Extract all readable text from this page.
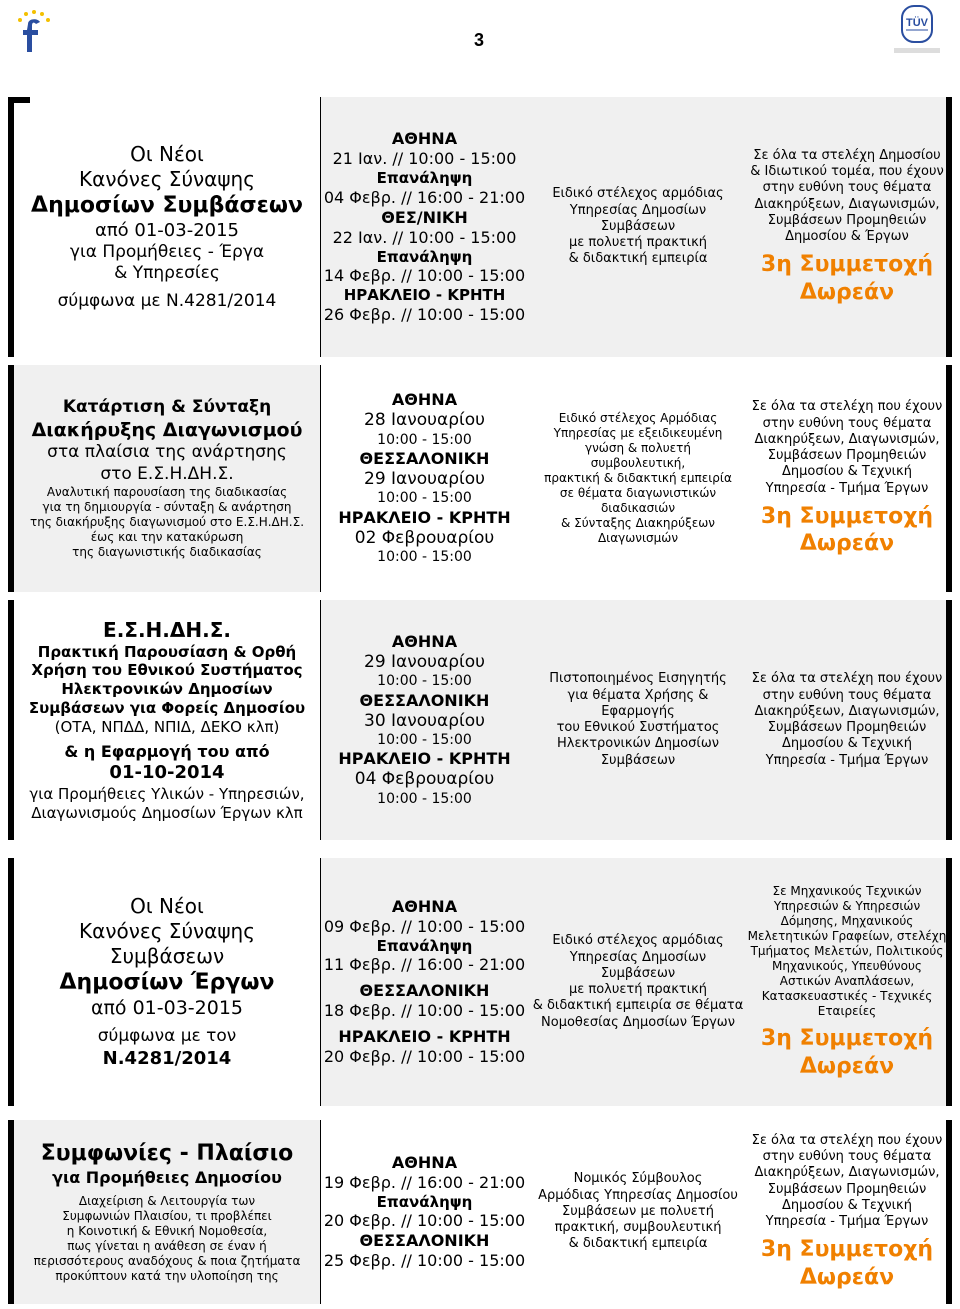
3
TÜV
Οι Νέοι
Κανόνες Σύναψης
Δημοσίων Συμβάσεων
από 01-03-2015
για Προμήθειες - Έργα
& Υπηρεσίες
σύμφωνα με Ν.4281/2014
ΑΘΗΝΑ
21 Ιαν. // 10:00 - 15:00
Επανάληψη
04 Φεβρ. // 16:00 - 21:00
ΘΕΣ/ΝΙΚΗ
22 Ιαν. // 10:00 - 15:00
Επανάληψη
14 Φεβρ. // 10:00 - 15:00
ΗΡΑΚΛΕΙΟ - ΚΡΗΤΗ
26 Φεβρ. // 10:00 - 15:00
Ειδικό στέλεχος αρμόδιας
Υπηρεσίας Δημοσίων
Συμβάσεων
με πολυετή πρακτική
& διδακτική εμπειρία
Σε όλα τα στελέχη Δημοσίου
& Ιδιωτικού τομέα, που έχουν
στην ευθύνη τους θέματα
Διακηρύξεων, Διαγωνισμών,
Συμβάσεων Προμηθειών
Δημοσίου & Έργων
3η Συμμετοχή
Δωρεάν
Κατάρτιση & Σύνταξη
Διακήρυξης Διαγωνισμού
στα πλαίσια της ανάρτησης
στο Ε.Σ.Η.ΔΗ.Σ.
Αναλυτική παρουσίαση της διαδικασίας
για τη δημιουργία - σύνταξη & ανάρτηση
της διακήρυξης διαγωνισμού στο Ε.Σ.Η.ΔΗ.Σ.
έως και την κατακύρωση
της διαγωνιστικής διαδικασίας
ΑΘΗΝΑ
28 Ιανουαρίου
10:00 - 15:00
ΘΕΣΣΑΛΟΝΙΚΗ
29 Ιανουαρίου
10:00 - 15:00
ΗΡΑΚΛΕΙΟ - ΚΡΗΤΗ
02 Φεβρουαρίου
10:00 - 15:00
Ειδικό στέλεχος Αρμόδιας
Υπηρεσίας με εξειδικευμένη
γνώση & πολυετή
συμβουλευτική,
πρακτική & διδακτική εμπειρία
σε θέματα διαγωνιστικών
διαδικασιών
& Σύνταξης Διακηρύξεων
Διαγωνισμών
Σε όλα τα στελέχη που έχουν
στην ευθύνη τους θέματα
Διακηρύξεων, Διαγωνισμών,
Συμβάσεων Προμηθειών
Δημοσίου & Τεχνική
Υπηρεσία - Τμήμα Έργων
3η Συμμετοχή
Δωρεάν
Ε.Σ.Η.ΔΗ.Σ.
Πρακτική Παρουσίαση & Ορθή
Χρήση του Εθνικού Συστήματος
Ηλεκτρονικών Δημοσίων
Συμβάσεων για Φορείς Δημοσίου
(ΟΤΑ, ΝΠΔΔ, ΝΠΙΔ, ΔΕΚΟ κλπ)
& η Εφαρμογή του από
01-10-2014
για Προμήθειες Υλικών - Υπηρεσιών,
Διαγωνισμούς Δημοσίων Έργων κλπ
ΑΘΗΝΑ
29 Ιανουαρίου
10:00 - 15:00
ΘΕΣΣΑΛΟΝΙΚΗ
30 Ιανουαρίου
10:00 - 15:00
ΗΡΑΚΛΕΙΟ - ΚΡΗΤΗ
04 Φεβρουαρίου
10:00 - 15:00
Πιστοποιημένος Εισηγητής
για θέματα Χρήσης &
Εφαρμογής
του Εθνικού Συστήματος
Ηλεκτρονικών Δημοσίων
Συμβάσεων
Σε όλα τα στελέχη που έχουν
στην ευθύνη τους θέματα
Διακηρύξεων, Διαγωνισμών,
Συμβάσεων Προμηθειών
Δημοσίου & Τεχνική
Υπηρεσία - Τμήμα Έργων
Οι Νέοι
Κανόνες Σύναψης
Συμβάσεων
Δημοσίων Έργων
από 01-03-2015
σύμφωνα με τον
Ν.4281/2014
ΑΘΗΝΑ
09 Φεβρ. // 10:00 - 15:00
Επανάληψη
11 Φεβρ. // 16:00 - 21:00
ΘΕΣΣΑΛΟΝΙΚΗ
18 Φεβρ. // 10:00 - 15:00
ΗΡΑΚΛΕΙΟ - ΚΡΗΤΗ
20 Φεβρ. // 10:00 - 15:00
Ειδικό στέλεχος αρμόδιας
Υπηρεσίας Δημοσίων
Συμβάσεων
με πολυετή πρακτική
& διδακτική εμπειρία σε θέματα
Νομοθεσίας Δημοσίων Έργων
Σε Μηχανικούς Τεχνικών
Υπηρεσιών & Υπηρεσιών
Δόμησης, Μηχανικούς
Μελετητικών Γραφείων, στελέχη
Τμήματος Μελετών, Πολιτικούς
Μηχανικούς, Υπευθύνους
Αστικών Αναπλάσεων,
Κατασκευαστικές - Τεχνικές
Εταιρείες
3η Συμμετοχή
Δωρεάν
Συμφωνίες - Πλαίσιο
για Προμήθειες Δημοσίου
Διαχείριση & Λειτουργία των
Συμφωνιών Πλαισίου, τι προβλέπει
η Κοινοτική & Εθνική Νομοθεσία,
πως γίνεται η ανάθεση σε έναν ή
περισσότερους αναδόχους & ποια ζητήματα
προκύπτουν κατά την υλοποίηση της
ΑΘΗΝΑ
19 Φεβρ. // 16:00 - 21:00
Επανάληψη
20 Φεβρ. // 10:00 - 15:00
ΘΕΣΣΑΛΟΝΙΚΗ
25 Φεβρ. // 10:00 - 15:00
Νομικός Σύμβουλος
Αρμόδιας Υπηρεσίας Δημοσίου
Συμβάσεων με πολυετή
πρακτική, συμβουλευτική
& διδακτική εμπειρία
Σε όλα τα στελέχη που έχουν
στην ευθύνη τους θέματα
Διακηρύξεων, Διαγωνισμών,
Συμβάσεων Προμηθειών
Δημοσίου & Τεχνική
Υπηρεσία - Τμήμα Έργων
3η Συμμετοχή
Δωρεάν
